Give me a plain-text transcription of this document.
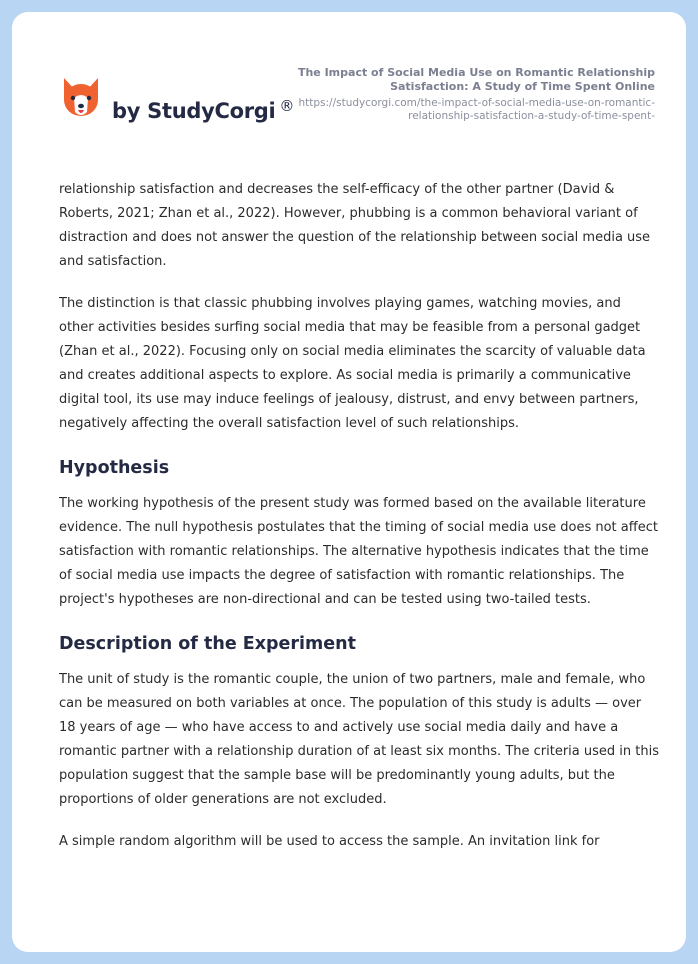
by StudyCorgi ®
The Impact of Social Media Use on Romantic Relationship Satisfaction: A Study of Time Spent Online
https://studycorgi.com/the-impact-of-social-media-use-on-romantic-relationship-satisfaction-a-study-of-time-spent-

relationship satisfaction and decreases the self-efficacy of the other partner (David & Roberts, 2021; Zhan et al., 2022). However, phubbing is a common behavioral variant of distraction and does not answer the question of the relationship between social media use and satisfaction.

The distinction is that classic phubbing involves playing games, watching movies, and other activities besides surfing social media that may be feasible from a personal gadget (Zhan et al., 2022). Focusing only on social media eliminates the scarcity of valuable data and creates additional aspects to explore. As social media is primarily a communicative digital tool, its use may induce feelings of jealousy, distrust, and envy between partners, negatively affecting the overall satisfaction level of such relationships.

Hypothesis

The working hypothesis of the present study was formed based on the available literature evidence. The null hypothesis postulates that the timing of social media use does not affect satisfaction with romantic relationships. The alternative hypothesis indicates that the time of social media use impacts the degree of satisfaction with romantic relationships. The project's hypotheses are non-directional and can be tested using two-tailed tests.

Description of the Experiment

The unit of study is the romantic couple, the union of two partners, male and female, who can be measured on both variables at once. The population of this study is adults — over 18 years of age — who have access to and actively use social media daily and have a romantic partner with a relationship duration of at least six months. The criteria used in this population suggest that the sample base will be predominantly young adults, but the proportions of older generations are not excluded.

A simple random algorithm will be used to access the sample. An invitation link for
